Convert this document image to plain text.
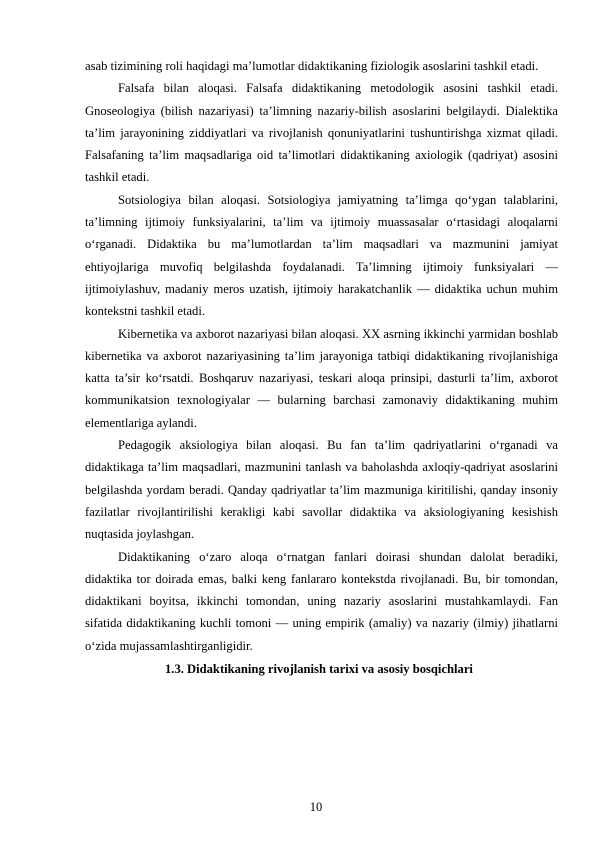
asab tizimining roli haqidagi ma’lumotlar didaktikaning fiziologik asoslarini tashkil etadi.

Falsafa bilan aloqasi. Falsafa didaktikaning metodologik asosini tashkil etadi. Gnoseologiya (bilish nazariyasi) ta’limning nazariy-bilish asoslarini belgilaydi. Dialektika ta’lim jarayonining ziddiyatlari va rivojlanish qonuniyatlarini tushuntirishga xizmat qiladi. Falsafaning ta’lim maqsadlariga oid ta’limotlari didaktikaning axiologik (qadriyat) asosini tashkil etadi.

Sotsiologiya bilan aloqasi. Sotsiologiya jamiyatning ta’limga qo‘ygan talablarini, ta’limning ijtimoiy funksiyalarini, ta’lim va ijtimoiy muassasalar o‘rtasidagi aloqalarni o‘rganadi. Didaktika bu ma’lumotlardan ta’lim maqsadlari va mazmunini jamiyat ehtiyojlariga muvofiq belgilashda foydalanadi. Ta’limning ijtimoiy funksiyalari — ijtimoiylashuv, madaniy meros uzatish, ijtimoiy harakatchanlik — didaktika uchun muhim kontekstni tashkil etadi.

Kibernetika va axborot nazariyasi bilan aloqasi. XX asrning ikkinchi yarmidan boshlab kibernetika va axborot nazariyasining ta’lim jarayoniga tatbiqi didaktikaning rivojlanishiga katta ta’sir ko‘rsatdi. Boshqaruv nazariyasi, teskari aloqa prinsipi, dasturli ta’lim, axborot kommunikatsion texnologiyalar — bularning barchasi zamonaviy didaktikaning muhim elementlariga aylandi.

Pedagogik aksiologiya bilan aloqasi. Bu fan ta’lim qadriyatlarini o‘rganadi va didaktikaga ta’lim maqsadlari, mazmunini tanlash va baholashda axloqiy-qadriyat asoslarini belgilashda yordam beradi. Qanday qadriyatlar ta’lim mazmuniga kiritilishi, qanday insoniy fazilatlar rivojlantirilishi kerakligi kabi savollar didaktika va aksiologiyaning kesishish nuqtasida joylashgan.

Didaktikaning o‘zaro aloqa o‘rnatgan fanlari doirasi shundan dalolat beradiki, didaktika tor doirada emas, balki keng fanlararo kontekstda rivojlanadi. Bu, bir tomondan, didaktikani boyitsa, ikkinchi tomondan, uning nazariy asoslarini mustahkamlaydi. Fan sifatida didaktikaning kuchli tomoni — uning empirik (amaliy) va nazariy (ilmiy) jihatlarni o‘zida mujassamlashtirganligidir.

1.3. Didaktikaning rivojlanish tarixi va asosiy bosqichlari

10
